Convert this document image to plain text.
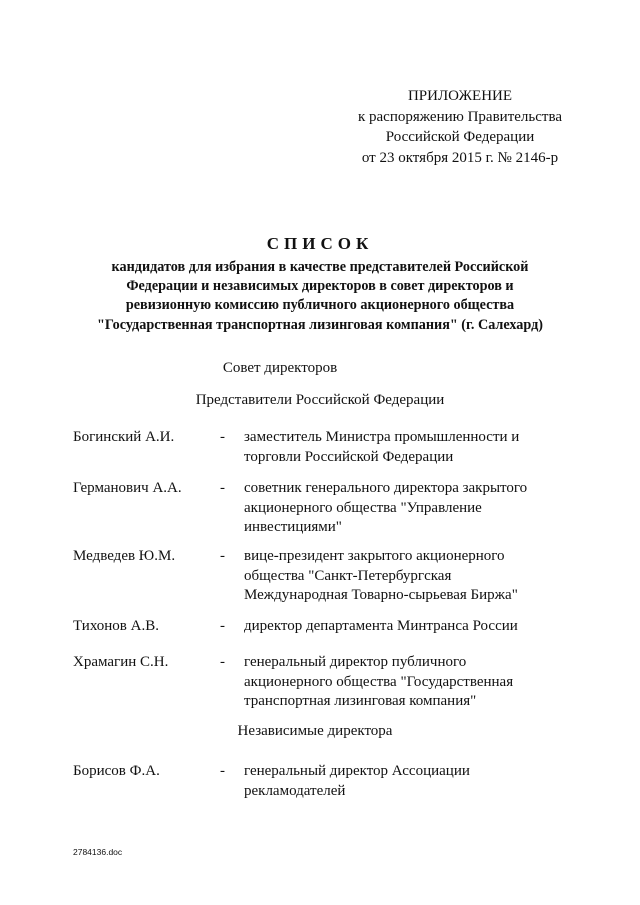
ПРИЛОЖЕНИЕ
к распоряжению Правительства
Российской Федерации
от 23 октября 2015 г. № 2146-р
СПИСОК
кандидатов для избрания в качестве представителей Российской
Федерации и независимых директоров в совет директоров и
ревизионную комиссию публичного акционерного общества
"Государственная транспортная лизинговая компания" (г. Салехард)
Совет директоров
Представители Российской Федерации
Богинский А.И.	- заместитель Министра промышленности и
торговли Российской Федерации
Германович А.А.	- советник генерального директора закрытого
акционерного общества "Управление
инвестициями"
Медведев Ю.М.	- вице-президент закрытого акционерного
общества "Санкт-Петербургская
Международная Товарно-сырьевая Биржа"
Тихонов А.В.	- директор департамента Минтранса России
Храмагин С.Н.	- генеральный директор публичного
акционерного общества "Государственная
транспортная лизинговая компания"
Независимые директора
Борисов Ф.А.	- генеральный директор Ассоциации
рекламодателей
2784136.doc
